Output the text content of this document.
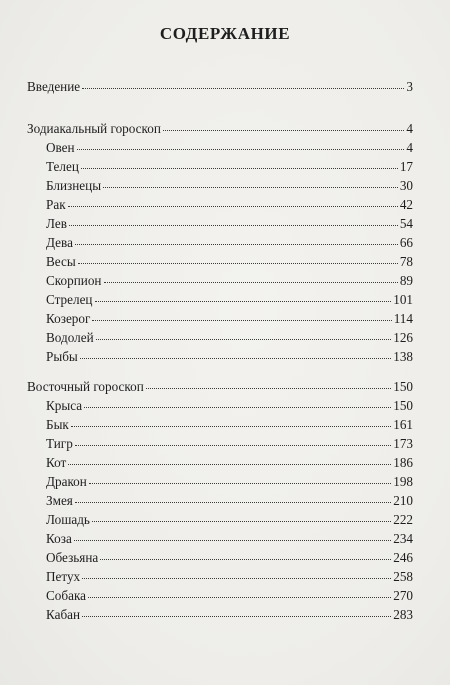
СОДЕРЖАНИЕ
Введение	3
Зодиакальный гороскоп	4
Овен	4
Телец	17
Близнецы	30
Рак	42
Лев	54
Дева	66
Весы	78
Скорпион	89
Стрелец	101
Козерог	114
Водолей	126
Рыбы	138
Восточный гороскоп	150
Крыса	150
Бык	161
Тигр	173
Кот	186
Дракон	198
Змея	210
Лошадь	222
Коза	234
Обезьяна	246
Петух	258
Собака	270
Кабан	283
